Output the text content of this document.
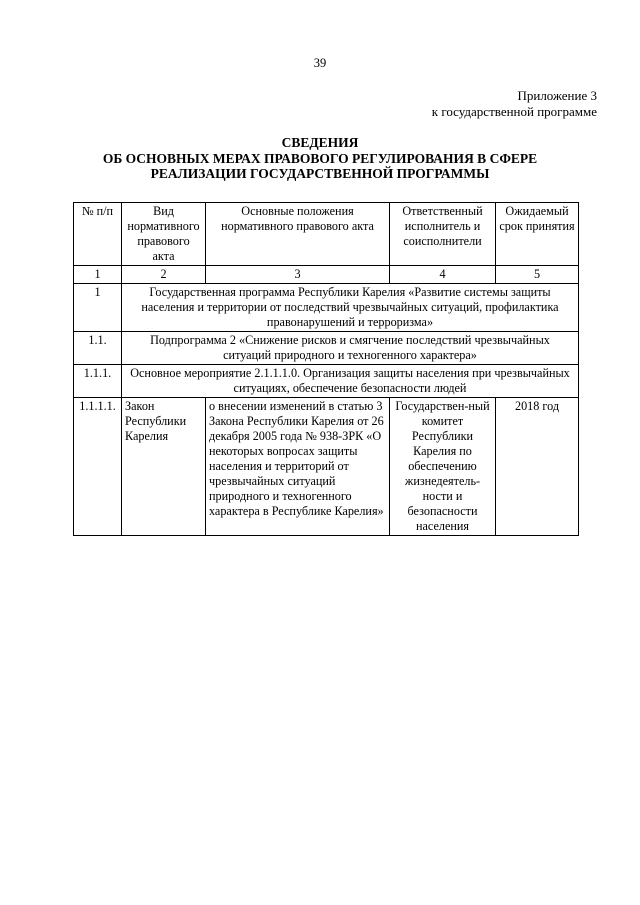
39
Приложение 3
к государственной программе
СВЕДЕНИЯ
ОБ ОСНОВНЫХ МЕРАХ ПРАВОВОГО РЕГУЛИРОВАНИЯ В СФЕРЕ
РЕАЛИЗАЦИИ ГОСУДАРСТВЕННОЙ ПРОГРАММЫ
№ п/п	Вид нормативного правового акта	Основные положения нормативного правового акта	Ответственный исполнитель и соисполнители	Ожидаемый срок принятия
1	2	3	4	5
1	Государственная программа Республики Карелия «Развитие системы защиты населения и территории от последствий чрезвычайных ситуаций, профилактика правонарушений и терроризма»			
1.1.	Подпрограмма 2 «Снижение рисков и смягчение последствий чрезвычайных ситуаций природного и техногенного характера»			
1.1.1.	Основное мероприятие 2.1.1.1.0. Организация защиты населения при чрезвычайных ситуациях, обеспечение безопасности людей			
1.1.1.1.	Закон Республики Карелия	о внесении изменений в статью 3 Закона Республики Карелия от 26 декабря 2005 года № 938-ЗРК «О некоторых вопросах защиты населения и территорий от чрезвычайных ситуаций природного и техногенного характера в Республике Карелия»	Государствен-ный комитет Республики Карелия по обеспечению жизнедеятель-ности и безопасности населения	2018 год
